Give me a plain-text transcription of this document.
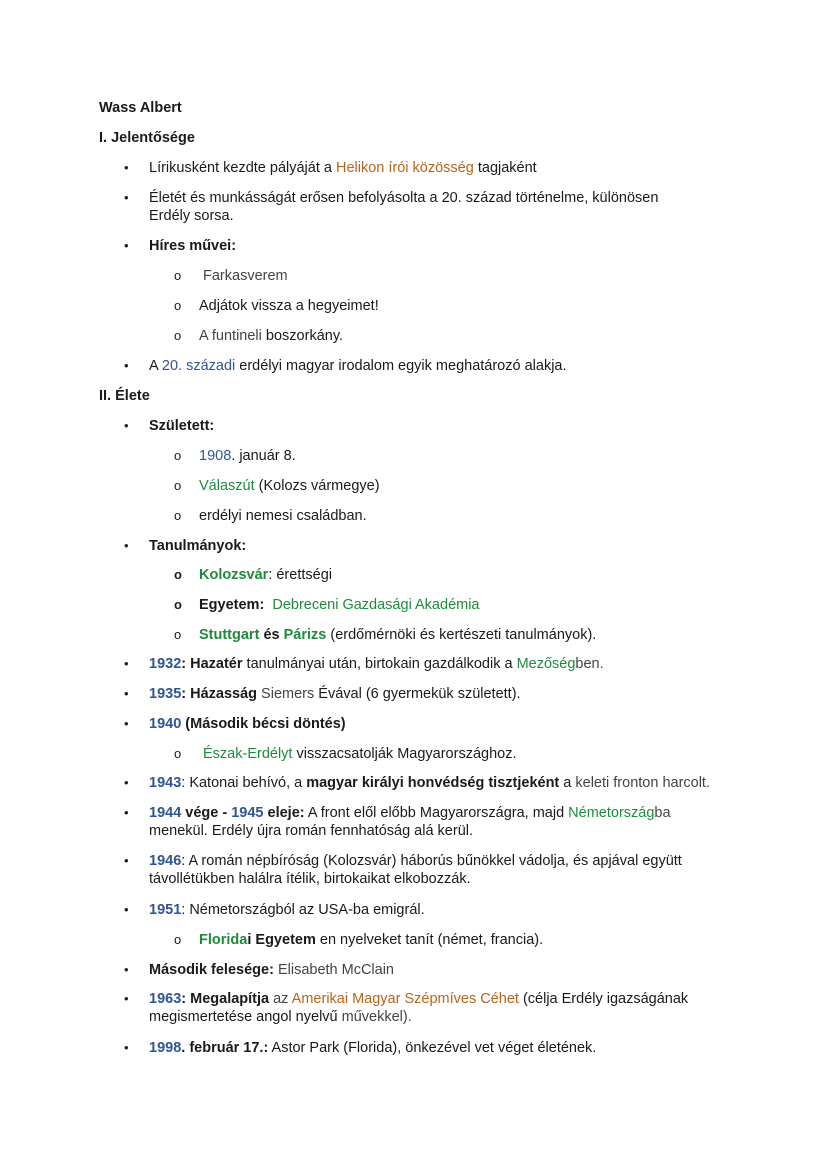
Wass Albert
I. Jelentősége
• Lírikusként kezdte pályáját a Helikon írói közösség tagjaként
• Életét és munkásságát erősen befolyásolta a 20. század történelme, különösen
Erdély sorsa.
• Híres művei:
o Farkasverem
o Adjátok vissza a hegyeimet!
o A funtineli boszorkány.
• A 20. századi erdélyi magyar irodalom egyik meghatározó alakja.
II. Élete
• Született:
o 1908. január 8.
o Válaszút (Kolozs vármegye)
o erdélyi nemesi családban.
• Tanulmányok:
o Kolozsvár: érettségi
o Egyetem: Debreceni Gazdasági Akadémia
o Stuttgart és Párizs (erdőmérnöki és kertészeti tanulmányok).
• 1932: Hazatér tanulmányai után, birtokain gazdálkodik a Mezőségben.
• 1935: Házasság Siemers Évával (6 gyermekük született).
• 1940 (Második bécsi döntés)
o Észak-Erdélyt visszacsatolják Magyarországhoz.
• 1943: Katonai behívó, a magyar királyi honvédség tisztjeként a keleti fronton harcolt.
• 1944 vége - 1945 eleje: A front elől előbb Magyarországra, majd Németországba
menekül. Erdély újra román fennhatóság alá kerül.
• 1946: A román népbíróság (Kolozsvár) háborús bűnökkel vádolja, és apjával együtt
távollétükben halálra ítélik, birtokaikat elkobozzák.
• 1951: Németországból az USA-ba emigrál.
o Floridai Egyetem en nyelveket tanít (német, francia).
• Második felesége: Elisabeth McClain
• 1963: Megalapítja az Amerikai Magyar Szépmíves Céhet (célja Erdély igazságának
megismertetése angol nyelvű művekkel).
• 1998. február 17.: Astor Park (Florida), önkezével vet véget életének.
